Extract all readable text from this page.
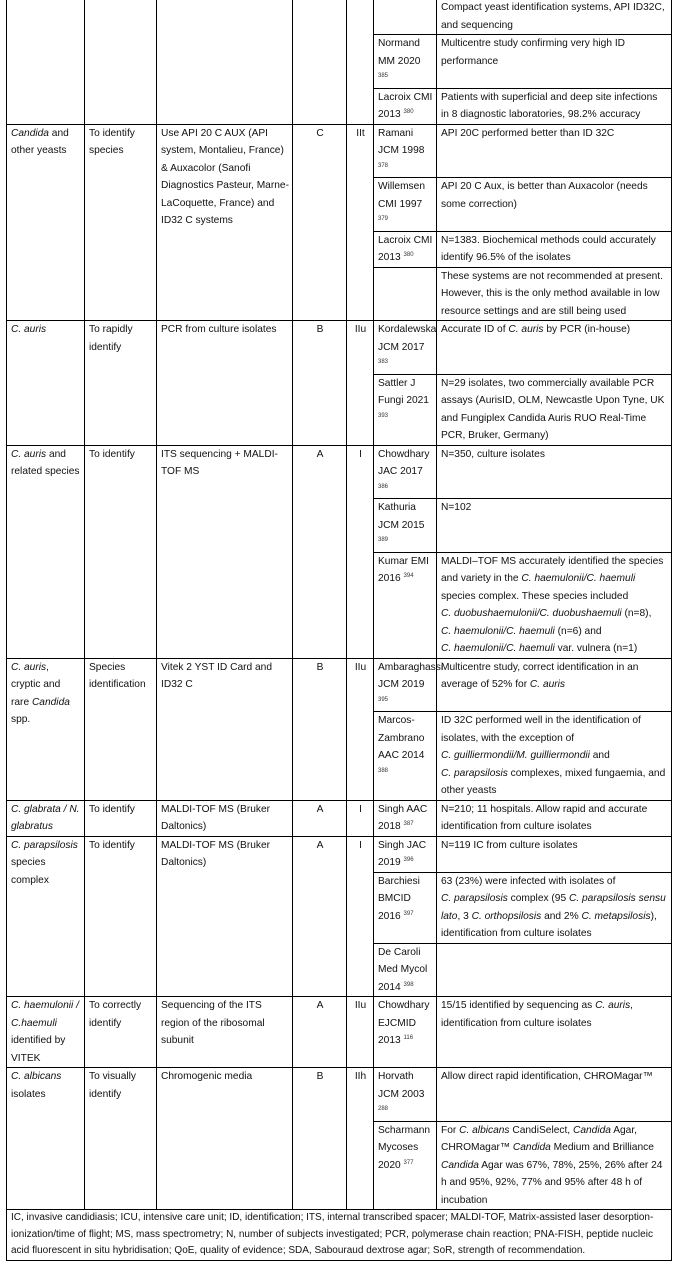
						Compact yeast identification systems, API ID32C, and sequencing
					Normand MM 2020 $^{385}$	Multicentre study confirming very high ID performance
					Lacroix CMI 2013 $^{380}$	Patients with superficial and deep site infections in 8 diagnostic laboratories, 98.2% accuracy
Candida and other yeasts	To identify species	Use API 20 C AUX (API system, Montalieu, France) & Auxacolor (Sanofi Diagnostics Pasteur, Marne-LaCoquette, France) and ID32 C systems	C	IIt	Ramani JCM 1998 $^{378}$	API 20C performed better than ID 32C
					Willemsen CMI 1997 $^{379}$	API 20 C Aux, is better than Auxacolor (needs some correction)
					Lacroix CMI 2013 $^{380}$	N=1383. Biochemical methods could accurately identify 96.5% of the isolates
						These systems are not recommended at present. However, this is the only method available in low resource settings and are still being used
C. auris	To rapidly identify	PCR from culture isolates	B	IIu	Kordalewska JCM 2017 $^{383}$	Accurate ID of C. auris by PCR (in-house)
					Sattler J Fungi 2021 $^{393}$	N=29 isolates, two commercially available PCR assays (AurisID, OLM, Newcastle Upon Tyne, UK and Fungiplex Candida Auris RUO Real-Time PCR, Bruker, Germany)
C. auris and related species	To identify	ITS sequencing + MALDI-TOF MS	A	I	Chowdhary JAC 2017 $^{386}$	N=350, culture isolates
					Kathuria JCM 2015 $^{389}$	N=102
					Kumar EMI 2016 $^{394}$	MALDI–TOF MS accurately identified the species and variety in the C. haemulonii/C. haemuli species complex. These species included
C. duobushaemulonii/C. duobushaemuli (n=8),
C. haemulonii/C. haemuli (n=6) and
C. haemulonii/C. haemuli var. vulnera (n=1)
C. auris, cryptic and rare Candida spp.	Species identification	Vitek 2 YST ID Card and ID32 C	B	IIu	Ambaraghassi JCM 2019 $^{395}$	Multicentre study, correct identification in an average of 52% for C. auris
					Marcos-Zambrano AAC 2014 $^{388}$	ID 32C performed well in the identification of isolates, with the exception of
C. guilliermondii/M. guilliermondii and
C. parapsilosis complexes, mixed fungaemia, and other yeasts
C. glabrata / N. glabratus	To identify	MALDI-TOF MS (Bruker Daltonics)	A	I	Singh AAC 2018 $^{387}$	N=210; 11 hospitals. Allow rapid and accurate identification from culture isolates
C. parapsilosis species complex	To identify	MALDI-TOF MS (Bruker Daltonics)	A	I	Singh JAC 2019 $^{396}$	N=119 IC from culture isolates
					Barchiesi BMCID 2016 $^{397}$	63 (23%) were infected with isolates of
C. parapsilosis complex (95 C. parapsilosis sensu lato, 3 C. orthopsilosis and 2% C. metapsilosis), identification from culture isolates
					De Caroli Med Mycol 2014 $^{398}$	
C. haemulonii / C.haemuli identified by VITEK	To correctly identify	Sequencing of the ITS region of the ribosomal subunit	A	IIu	Chowdhary EJCMID 2013 $^{116}$	15/15 identified by sequencing as C. auris, identification from culture isolates
C. albicans isolates	To visually identify	Chromogenic media	B	IIh	Horvath JCM 2003 $^{288}$	Allow direct rapid identification, CHROMagar™
					Scharmann Mycoses 2020 $^{377}$	For C. albicans CandiSelect, Candida Agar, CHROMagar™ Candida Medium and Brilliance Candida Agar was 67%, 78%, 25%, 26% after 24 h and 95%, 92%, 77% and 95% after 48 h of incubation
IC, invasive candidiasis; ICU, intensive care unit; ID, identification; ITS, internal transcribed spacer; MALDI-TOF, Matrix-assisted laser desorption-ionization/time of flight; MS, mass spectrometry; N, number of subjects investigated; PCR, polymerase chain reaction; PNA-FISH, peptide nucleic acid fluorescent in situ hybridisation; QoE, quality of evidence; SDA, Sabouraud dextrose agar; SoR, strength of recommendation.						
